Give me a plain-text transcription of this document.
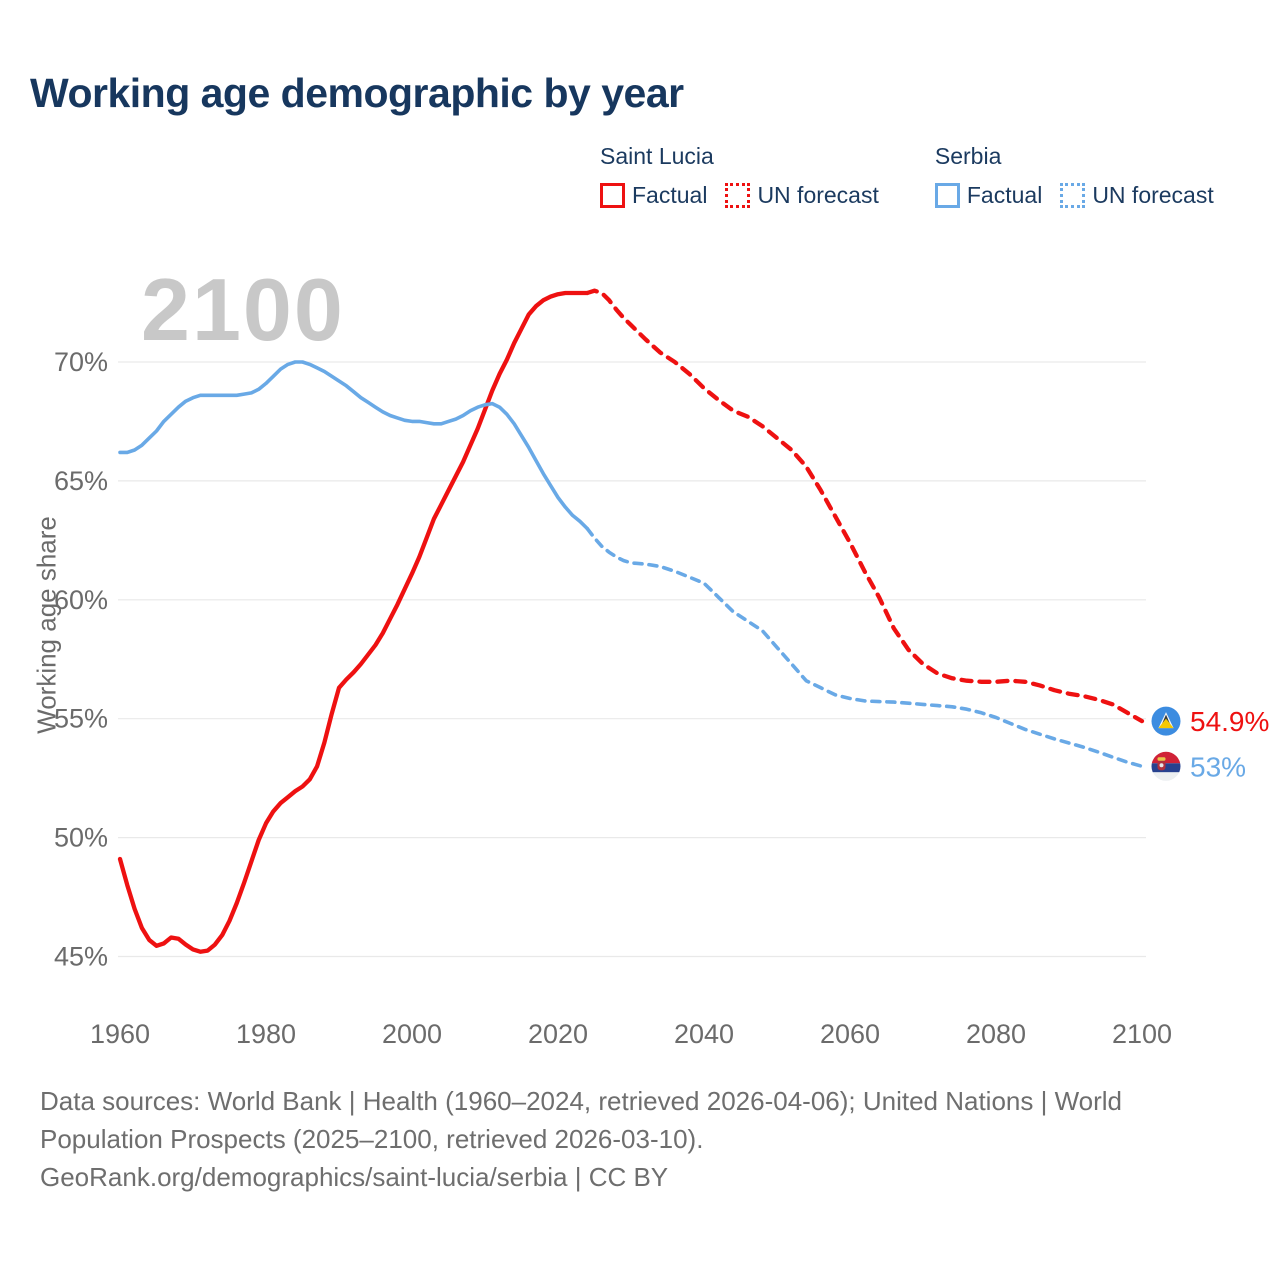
Working age demographic by year
Saint Lucia
Factual UN forecast
Serbia
Factual UN forecast
2100
Working age share
45%
50%
55%
60%
65%
70%
1960	1980	2000	2020	2040	2060	2080	2100
54.9%
53%
Data sources: World Bank | Health (1960–2024, retrieved 2026-04-06); United Nations | World
Population Prospects (2025–2100, retrieved 2026-03-10).
GeoRank.org/demographics/saint-lucia/serbia | CC BY
